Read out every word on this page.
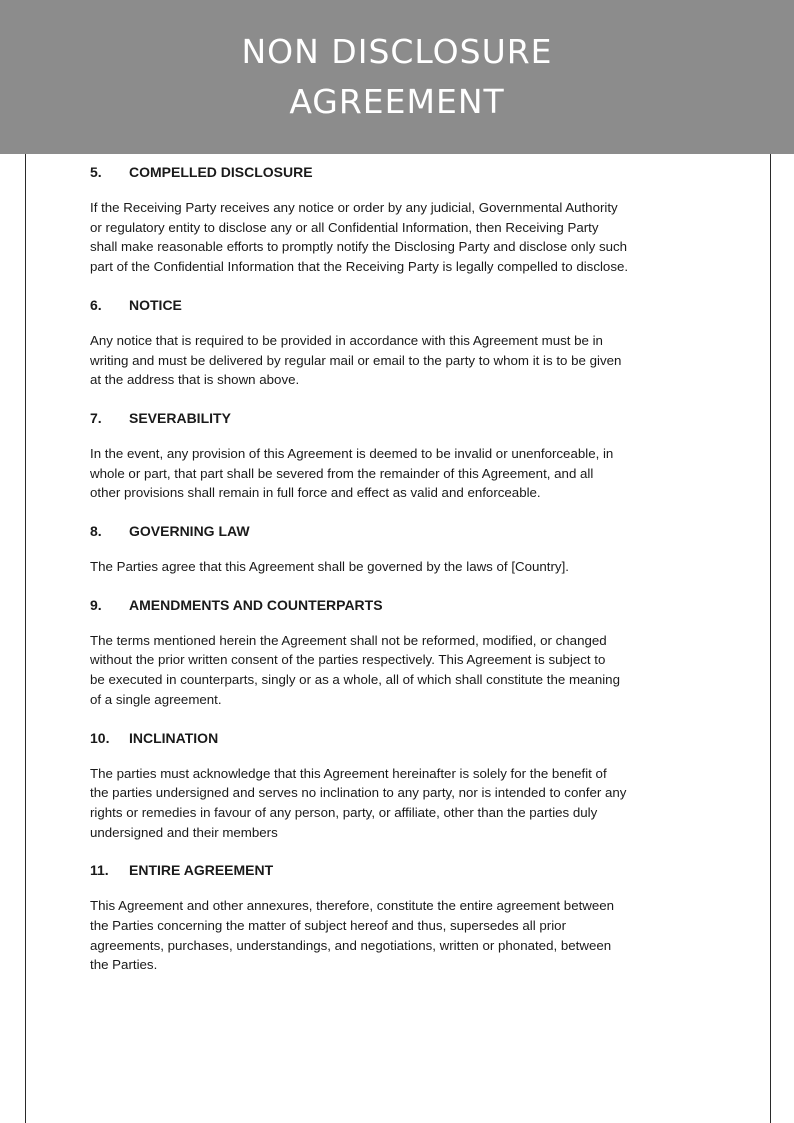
NON DISCLOSURE
AGREEMENT
5.	COMPELLED DISCLOSURE
If the Receiving Party receives any notice or order by any judicial, Governmental Authority
or regulatory entity to disclose any or all Confidential Information, then Receiving Party
shall make reasonable efforts to promptly notify the Disclosing Party and disclose only such
part of the Confidential Information that the Receiving Party is legally compelled to disclose.
6.	NOTICE
Any notice that is required to be provided in accordance with this Agreement must be in
writing and must be delivered by regular mail or email to the party to whom it is to be given
at the address that is shown above.
7.	SEVERABILITY
In the event, any provision of this Agreement is deemed to be invalid or unenforceable, in
whole or part, that part shall be severed from the remainder of this Agreement, and all
other provisions shall remain in full force and effect as valid and enforceable.
8.	GOVERNING LAW
The Parties agree that this Agreement shall be governed by the laws of [Country].
9.	AMENDMENTS AND COUNTERPARTS
The terms mentioned herein the Agreement shall not be reformed, modified, or changed
without the prior written consent of the parties respectively. This Agreement is subject to
be executed in counterparts, singly or as a whole, all of which shall constitute the meaning
of a single agreement.
10.	INCLINATION
The parties must acknowledge that this Agreement hereinafter is solely for the benefit of
the parties undersigned and serves no inclination to any party, nor is intended to confer any
rights or remedies in favour of any person, party, or affiliate, other than the parties duly
undersigned and their members
11.	ENTIRE AGREEMENT
This Agreement and other annexures, therefore, constitute the entire agreement between
the Parties concerning the matter of subject hereof and thus, supersedes all prior
agreements, purchases, understandings, and negotiations, written or phonated, between
the Parties.
